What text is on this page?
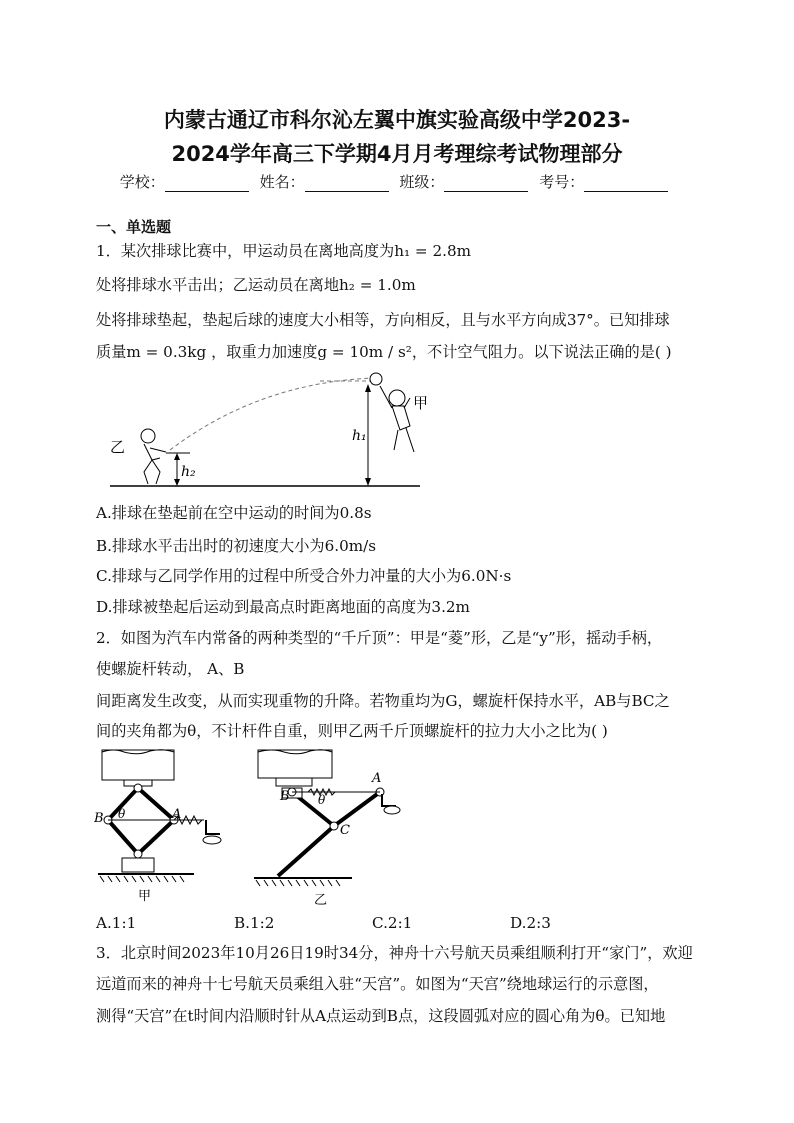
内蒙古通辽市科尔沁左翼中旗实验高级中学2023-
2024学年高三下学期4月月考理综考试物理部分
学校：	姓名：	班级：	考号：
一、单选题
1．某次排球比赛中，甲运动员在离地高度为h₁ = 2.8m
处将排球水平击出；乙运动员在离地h₂ = 1.0m
处将排球垫起，垫起后球的速度大小相等，方向相反，且与水平方向成37°。已知排球
质量m = 0.3kg ，取重力加速度g = 10m / s²，不计空气阻力。以下说法正确的是( )
h₁
h₂
乙
甲
A.排球在垫起前在空中运动的时间为0.8s
B.排球水平击出时的初速度大小为6.0m/s
C.排球与乙同学作用的过程中所受合外力冲量的大小为6.0N·s
D.排球被垫起后运动到最高点时距离地面的高度为3.2m
2．如图为汽车内常备的两种类型的“千斤顶”：甲是“菱”形，乙是“y”形，摇动手柄，
使螺旋杆转动， A、B
间距离发生改变，从而实现重物的升降。若物重均为G，螺旋杆保持水平，AB与BC之
间的夹角都为θ，不计杆件自重，则甲乙两千斤顶螺旋杆的拉力大小之比为( )
B θ	A
甲
B θ
A
C
乙
A.1:1	B.1:2	C.2:1	D.2:3
3．北京时间2023年10月26日19时34分，神舟十六号航天员乘组顺利打开“家门”，欢迎
远道而来的神舟十七号航天员乘组入驻“天宫”。如图为“天宫”绕地球运行的示意图，
测得“天宫”在t时间内沿顺时针从A点运动到B点，这段圆弧对应的圆心角为θ。已知地
